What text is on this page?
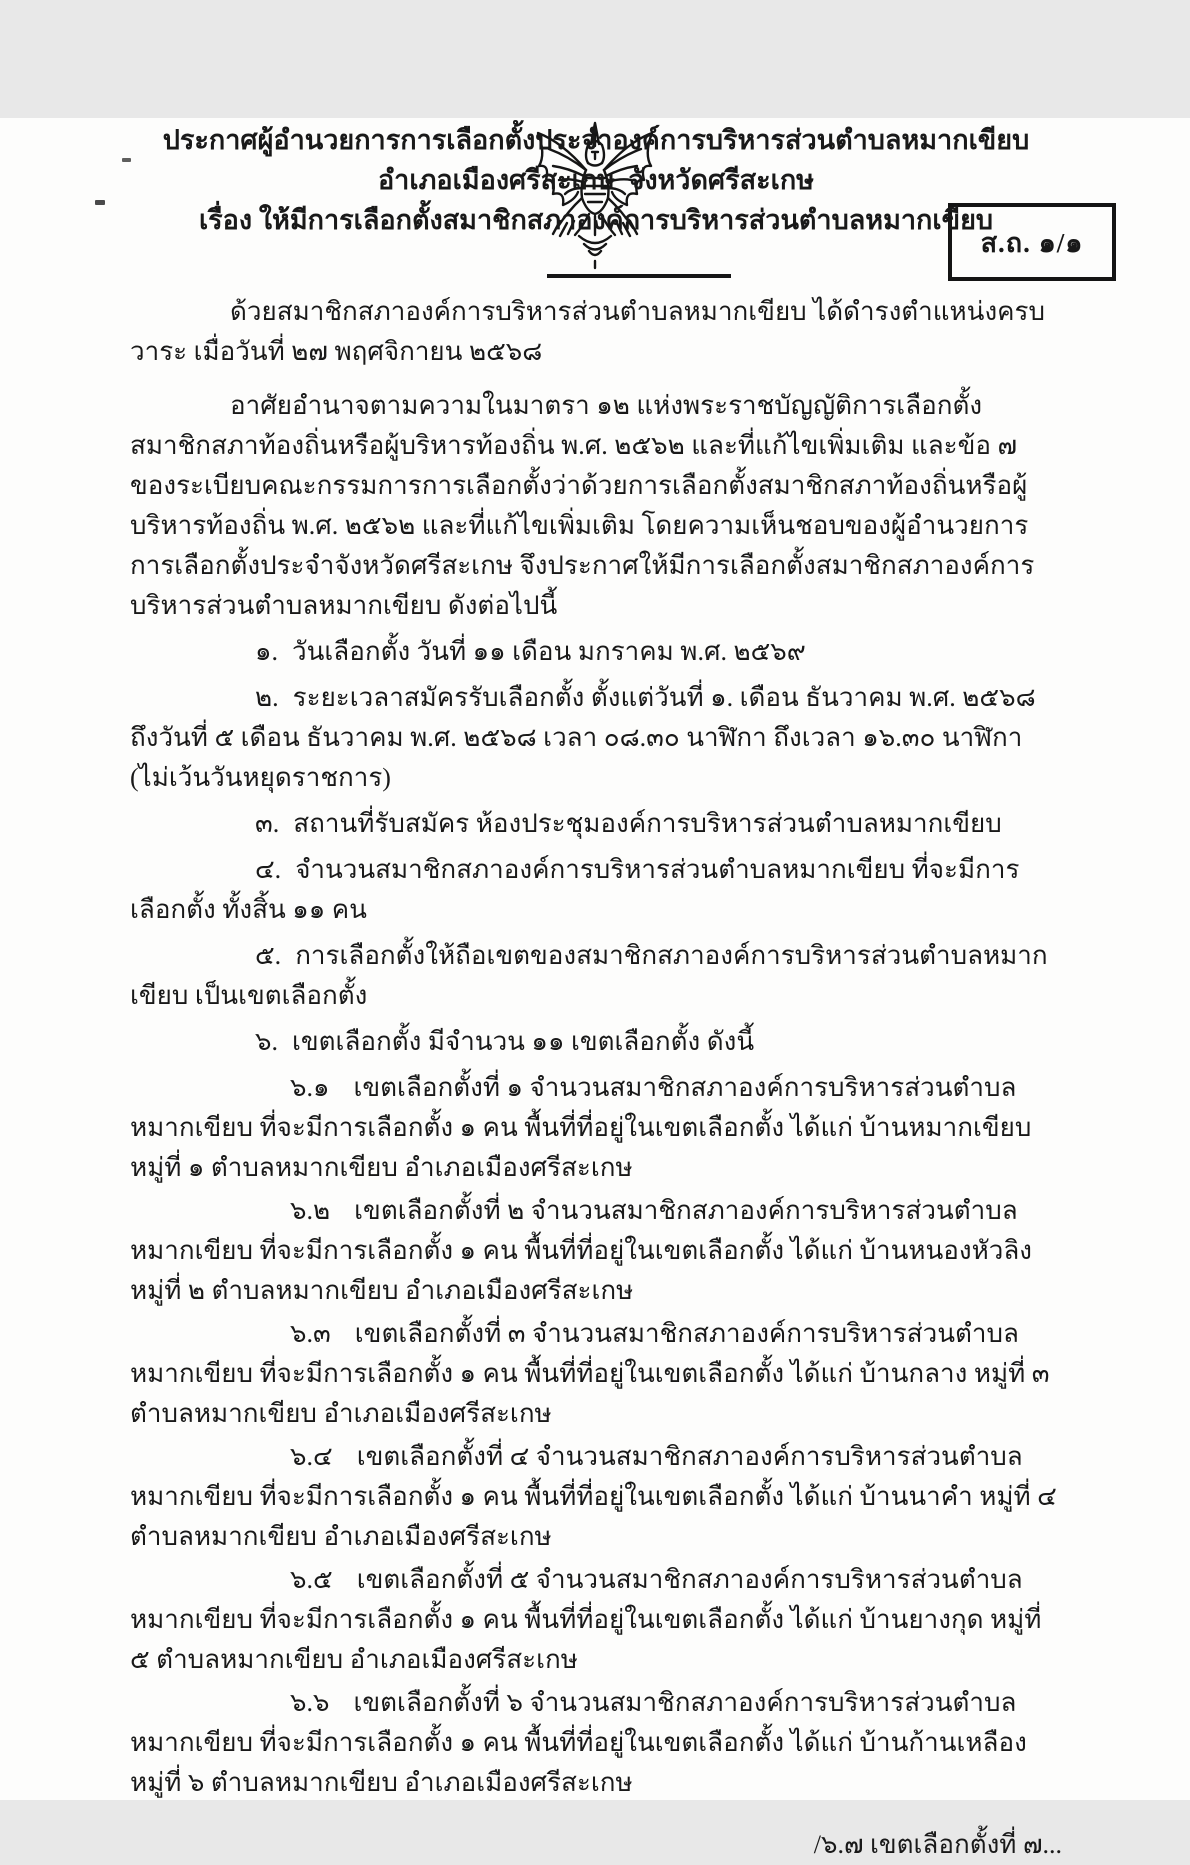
ส.ถ. ๑/๑
ประกาศผู้อำนวยการการเลือกตั้งประจำองค์การบริหารส่วนตำบลหมากเขียบ
อำเภอเมืองศรีสะเกษ  จังหวัดศรีสะเกษ
เรื่อง ให้มีการเลือกตั้งสมาชิกสภาองค์การบริหารส่วนตำบลหมากเขียบ

ด้วยสมาชิกสภาองค์การบริหารส่วนตำบลหมากเขียบ ได้ดำรงตำแหน่งครบวาระ เมื่อวันที่ ๒๗ พฤศจิกายน ๒๕๖๘

อาศัยอำนาจตามความในมาตรา ๑๒ แห่งพระราชบัญญัติการเลือกตั้งสมาชิกสภาท้องถิ่นหรือผู้บริหารท้องถิ่น พ.ศ. ๒๕๖๒ และที่แก้ไขเพิ่มเติม และข้อ ๗ ของระเบียบคณะกรรมการการเลือกตั้งว่าด้วยการเลือกตั้งสมาชิกสภาท้องถิ่นหรือผู้บริหารท้องถิ่น พ.ศ. ๒๕๖๒ และที่แก้ไขเพิ่มเติม โดยความเห็นชอบของผู้อำนวยการการเลือกตั้งประจำจังหวัดศรีสะเกษ จึงประกาศให้มีการเลือกตั้งสมาชิกสภาองค์การบริหารส่วนตำบลหมากเขียบ ดังต่อไปนี้

๑. วันเลือกตั้ง วันที่ ๑๑ เดือน มกราคม พ.ศ. ๒๕๖๙

๒. ระยะเวลาสมัครรับเลือกตั้ง ตั้งแต่วันที่ ๑. เดือน ธันวาคม พ.ศ. ๒๕๖๘ ถึงวันที่ ๕ เดือน ธันวาคม พ.ศ. ๒๕๖๘ เวลา ๐๘.๓๐ นาฬิกา ถึงเวลา ๑๖.๓๐ นาฬิกา (ไม่เว้นวันหยุดราชการ)

๓. สถานที่รับสมัคร ห้องประชุมองค์การบริหารส่วนตำบลหมากเขียบ

๔. จำนวนสมาชิกสภาองค์การบริหารส่วนตำบลหมากเขียบ ที่จะมีการเลือกตั้ง ทั้งสิ้น ๑๑ คน

๕. การเลือกตั้งให้ถือเขตของสมาชิกสภาองค์การบริหารส่วนตำบลหมากเขียบ เป็นเขตเลือกตั้ง

๖. เขตเลือกตั้ง มีจำนวน ๑๑ เขตเลือกตั้ง ดังนี้

๖.๑ เขตเลือกตั้งที่ ๑ จำนวนสมาชิกสภาองค์การบริหารส่วนตำบลหมากเขียบ ที่จะมีการเลือกตั้ง ๑ คน พื้นที่ที่อยู่ในเขตเลือกตั้ง ได้แก่ บ้านหมากเขียบ หมู่ที่ ๑ ตำบลหมากเขียบ อำเภอเมืองศรีสะเกษ

๖.๒ เขตเลือกตั้งที่ ๒ จำนวนสมาชิกสภาองค์การบริหารส่วนตำบลหมากเขียบ ที่จะมีการเลือกตั้ง ๑ คน พื้นที่ที่อยู่ในเขตเลือกตั้ง ได้แก่ บ้านหนองหัวลิง หมู่ที่ ๒ ตำบลหมากเขียบ อำเภอเมืองศรีสะเกษ

๖.๓ เขตเลือกตั้งที่ ๓ จำนวนสมาชิกสภาองค์การบริหารส่วนตำบลหมากเขียบ ที่จะมีการเลือกตั้ง ๑ คน พื้นที่ที่อยู่ในเขตเลือกตั้ง ได้แก่ บ้านกลาง หมู่ที่ ๓ ตำบลหมากเขียบ อำเภอเมืองศรีสะเกษ

๖.๔ เขตเลือกตั้งที่ ๔ จำนวนสมาชิกสภาองค์การบริหารส่วนตำบลหมากเขียบ ที่จะมีการเลือกตั้ง ๑ คน พื้นที่ที่อยู่ในเขตเลือกตั้ง ได้แก่ บ้านนาคำ หมู่ที่ ๔ ตำบลหมากเขียบ อำเภอเมืองศรีสะเกษ

๖.๕ เขตเลือกตั้งที่ ๕ จำนวนสมาชิกสภาองค์การบริหารส่วนตำบลหมากเขียบ ที่จะมีการเลือกตั้ง ๑ คน พื้นที่ที่อยู่ในเขตเลือกตั้ง ได้แก่ บ้านยางกุด หมู่ที่ ๕ ตำบลหมากเขียบ อำเภอเมืองศรีสะเกษ

๖.๖ เขตเลือกตั้งที่ ๖ จำนวนสมาชิกสภาองค์การบริหารส่วนตำบลหมากเขียบ ที่จะมีการเลือกตั้ง ๑ คน พื้นที่ที่อยู่ในเขตเลือกตั้ง ได้แก่ บ้านก้านเหลือง หมู่ที่ ๖ ตำบลหมากเขียบ อำเภอเมืองศรีสะเกษ

/๖.๗ เขตเลือกตั้งที่ ๗...
